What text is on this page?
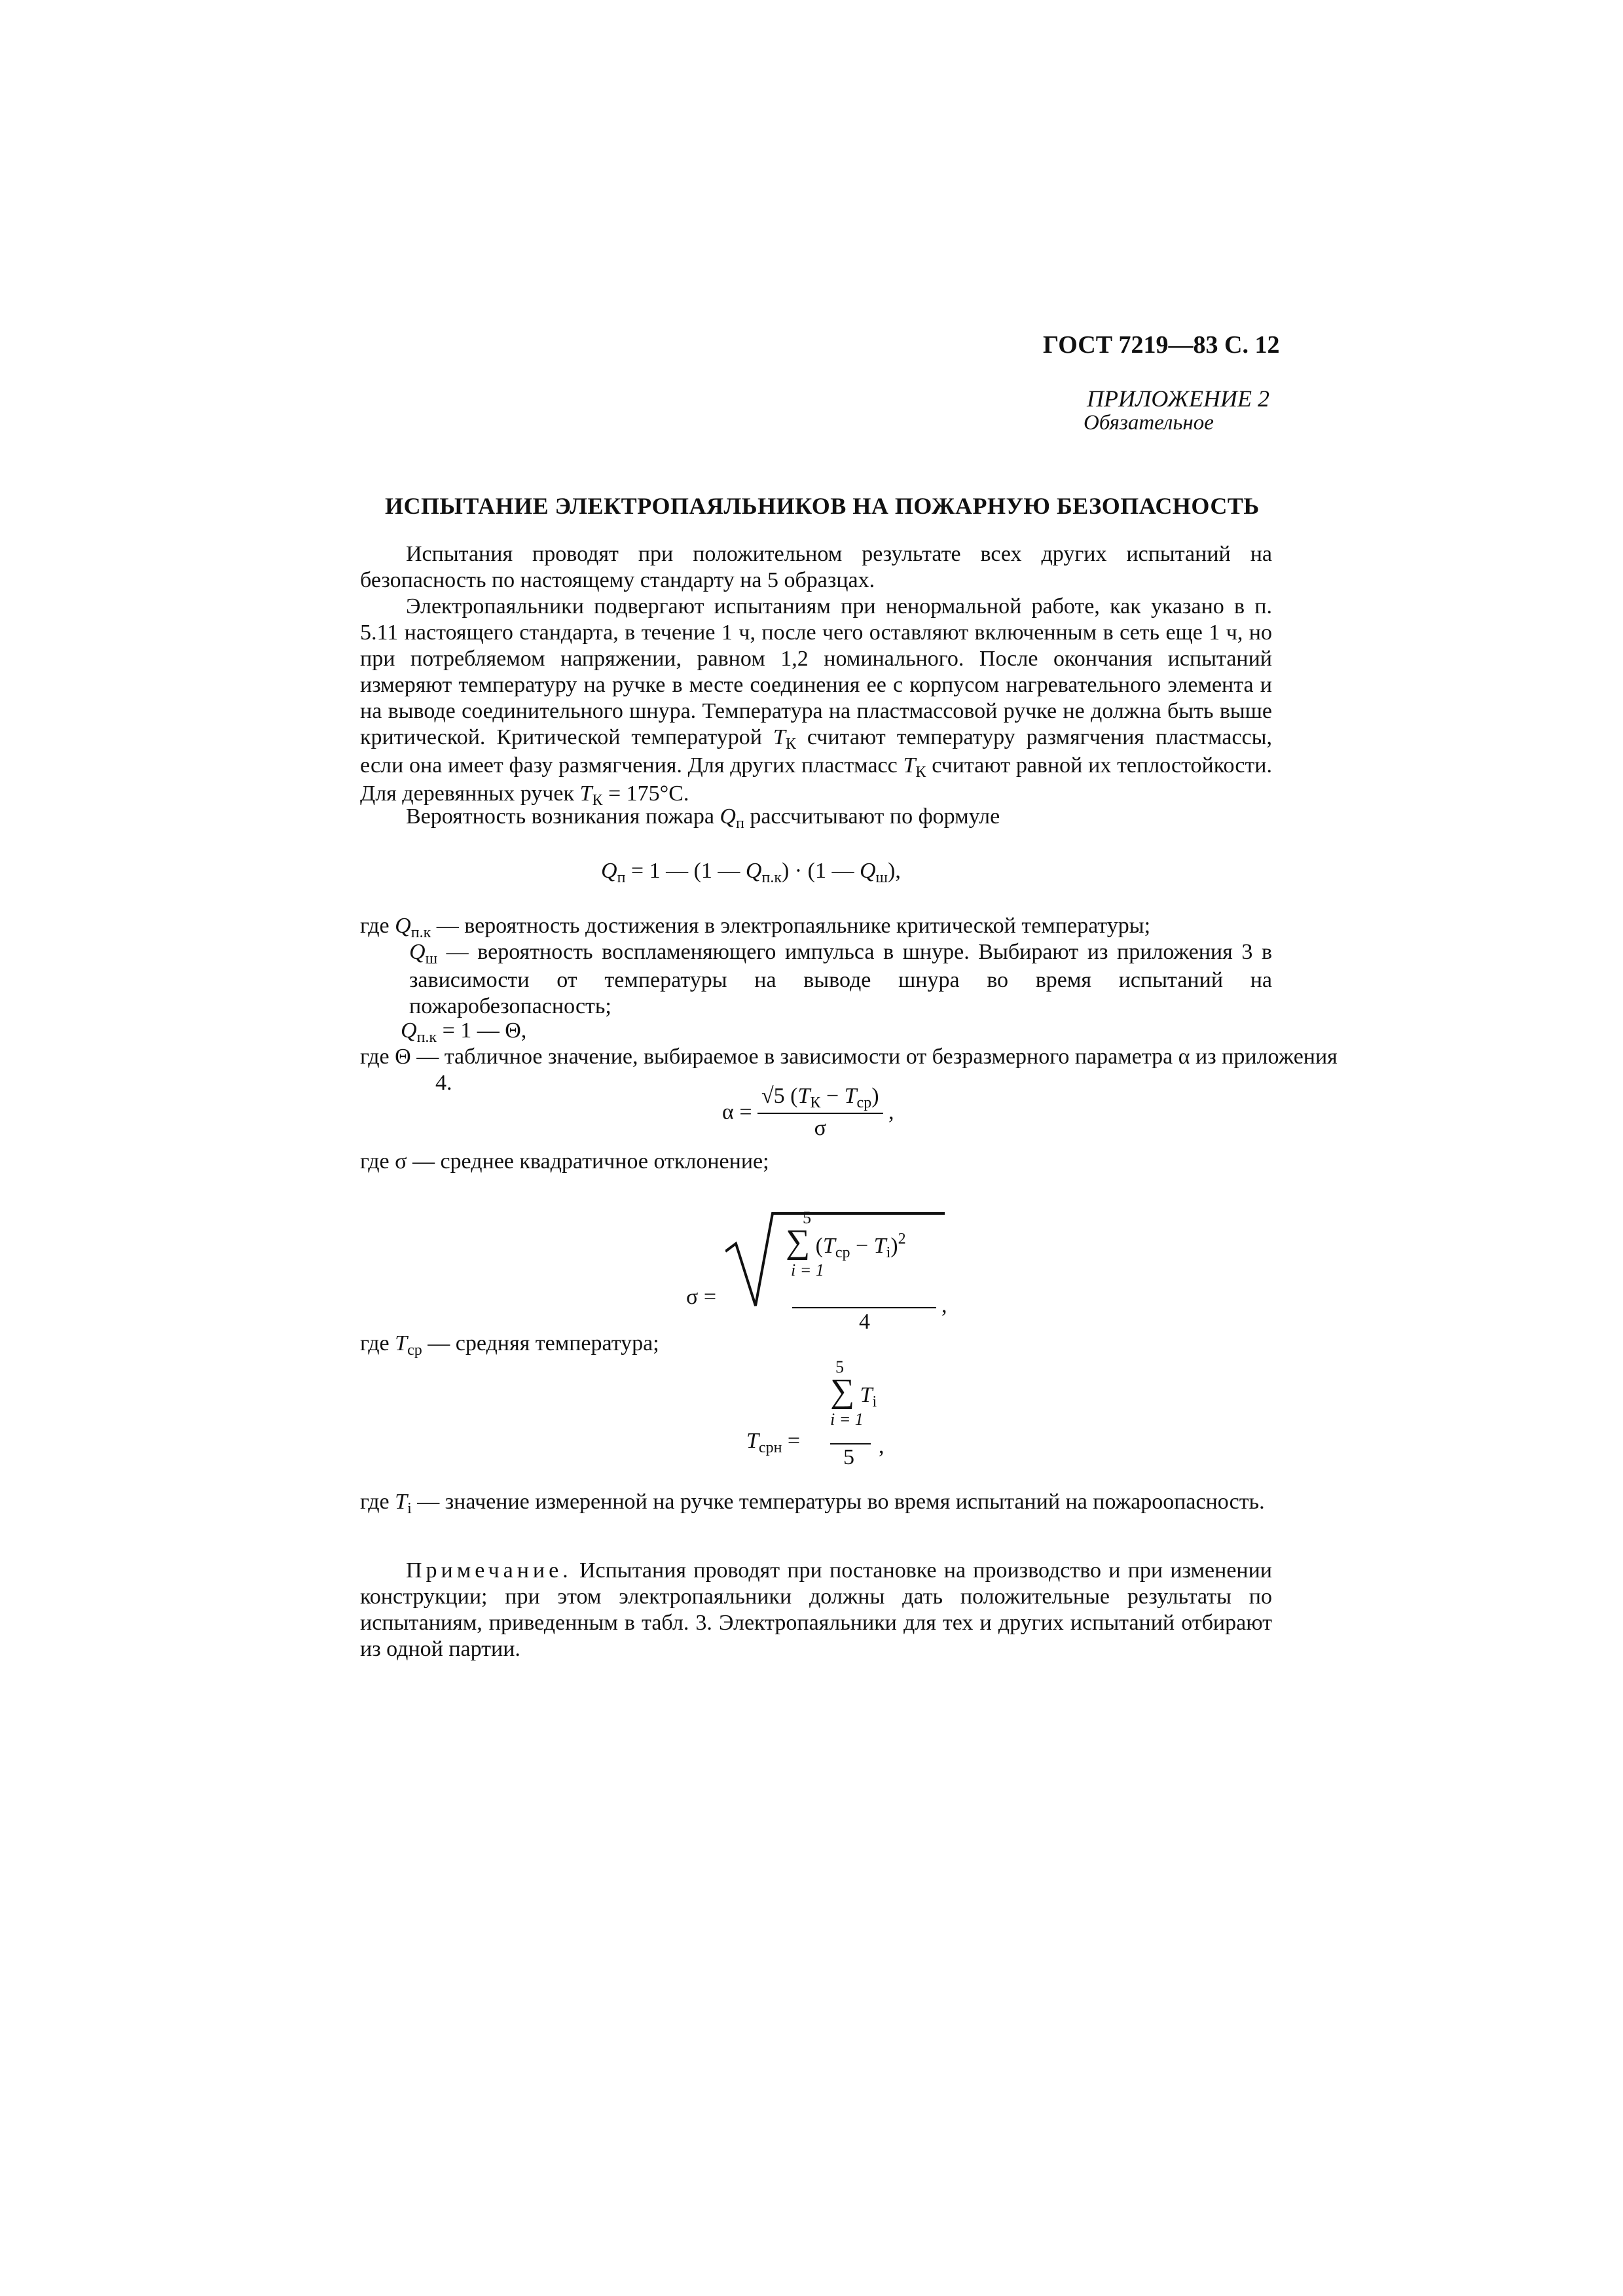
ГОСТ 7219—83 С. 12
ПРИЛОЖЕНИЕ 2
Обязательное
ИСПЫТАНИЕ ЭЛЕКТРОПАЯЛЬНИКОВ НА ПОЖАРНУЮ БЕЗОПАСНОСТЬ
Испытания проводят при положительном результате всех других испытаний на безопасность по настоящему стандарту на 5 образцах.
Электропаяльники подвергают испытаниям при ненормальной работе, как указано в п. 5.11 настоящего стандарта, в течение 1 ч, после чего оставляют включенным в сеть еще 1 ч, но при потребляемом напряжении, равном 1,2 номинального. После окончания испытаний измеряют температуру на ручке в месте соединения ее с корпусом нагревательного элемента и на выводе соединительного шнура. Температура на пластмассовой ручке не должна быть выше критической. Критической температурой $T_К$ считают температуру размягчения пластмассы, если она имеет фазу размягчения. Для других пластмасс $T_К$ считают равной их теплостойкости. Для деревянных ручек $T_К = 175^\circ С$.
Вероятность возникания пожара $Q_п$ рассчитывают по формуле
$Q_п = 1$ — (1 — $Q_{п.к}) \cdot (1$ — $Q_ш$),
где $Q_{п.к}$ — вероятность достижения в электропаяльнике критической температуры;
$Q_ш$ — вероятность воспламеняющего импульса в шнуре. Выбирают из приложения 3 в зависимости от температуры на выводе шнура во время испытаний на пожаробезопасность;
$Q_{п.к} = 1$ — Θ,
где Θ — табличное значение, выбираемое в зависимости от безразмерного параметра α из приложения 4.
$\alpha = \frac{√5 (T_К - T_{ср})}{\sigma}$ ,
где σ — среднее квадратичное отклонение;
σ =
5
∑ $(T_{ср} - T_i)^2$
i = 1
4
,
где $T_{ср}$ — средняя температура;
$T_{срн}$ =
5
∑ $T_i$
i = 1
5 ,
где $T_i$ — значение измеренной на ручке температуры во время испытаний на пожароопасность.
Примечание. Испытания проводят при постановке на производство и при изменении конструкции; при этом электропаяльники должны дать положительные результаты по испытаниям, приведенным в табл. 3. Электропаяльники для тех и других испытаний отбирают из одной партии.
